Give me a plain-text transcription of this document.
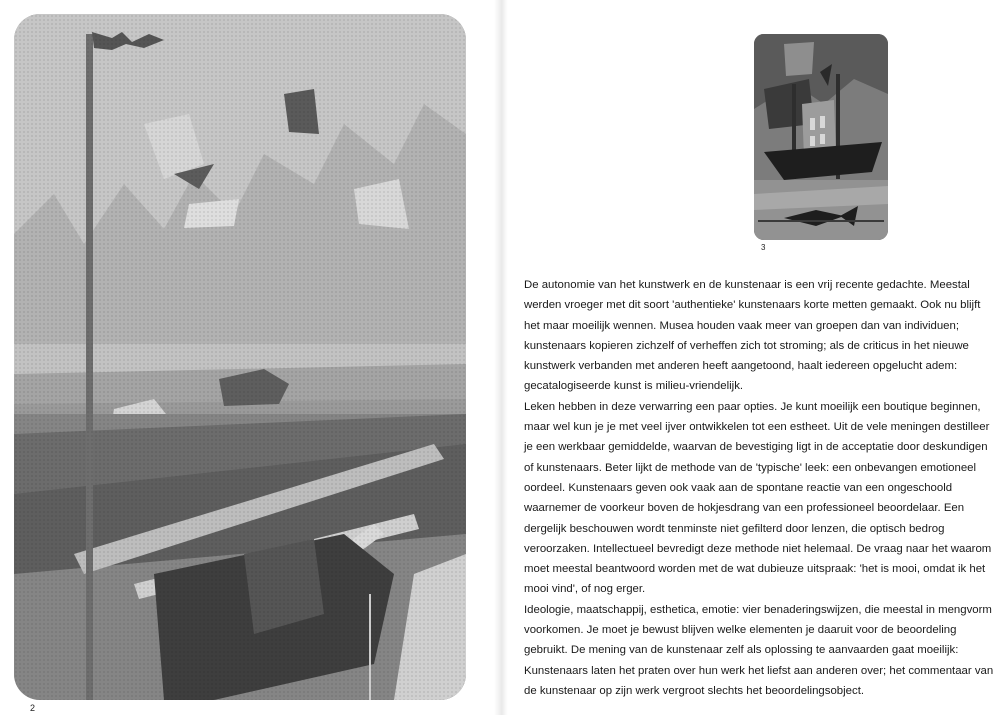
2
3
De autonomie van het kunstwerk en de kunstenaar is een vrij recente gedachte. Meestal
werden vroeger met dit soort 'authentieke' kunstenaars korte metten gemaakt. Ook nu blijft
het maar moeilijk wennen. Musea houden vaak meer van groepen dan van individuen;
kunstenaars kopieren zichzelf of verheffen zich tot stroming; als de criticus in het nieuwe
kunstwerk verbanden met anderen heeft aangetoond, haalt iedereen opgelucht adem:
gecatalogiseerde kunst is milieu-vriendelijk.
Leken hebben in deze verwarring een paar opties. Je kunt moeilijk een boutique beginnen,
maar wel kun je je met veel ijver ontwikkelen tot een estheet. Uit de vele meningen destilleer
je een werkbaar gemiddelde, waarvan de bevestiging ligt in de acceptatie door deskundigen
of kunstenaars. Beter lijkt de methode van de 'typische' leek: een onbevangen emotioneel
oordeel. Kunstenaars geven ook vaak aan de spontane reactie van een ongeschoold
waarnemer de voorkeur boven de hokjesdrang van een professioneel beoordelaar. Een
dergelijk beschouwen wordt tenminste niet gefilterd door lenzen, die optisch bedrog
veroorzaken. Intellectueel bevredigt deze methode niet helemaal. De vraag naar het waarom
moet meestal beantwoord worden met de wat dubieuze uitspraak: 'het is mooi, omdat ik het
mooi vind', of nog erger.
Ideologie, maatschappij, esthetica, emotie: vier benaderingswijzen, die meestal in mengvorm
voorkomen. Je moet je bewust blijven welke elementen je daaruit voor de beoordeling
gebruikt. De mening van de kunstenaar zelf als oplossing te aanvaarden gaat moeilijk:
Kunstenaars laten het praten over hun werk het liefst aan anderen over; het commentaar van
de kunstenaar op zijn werk vergroot slechts het beoordelingsobject.
